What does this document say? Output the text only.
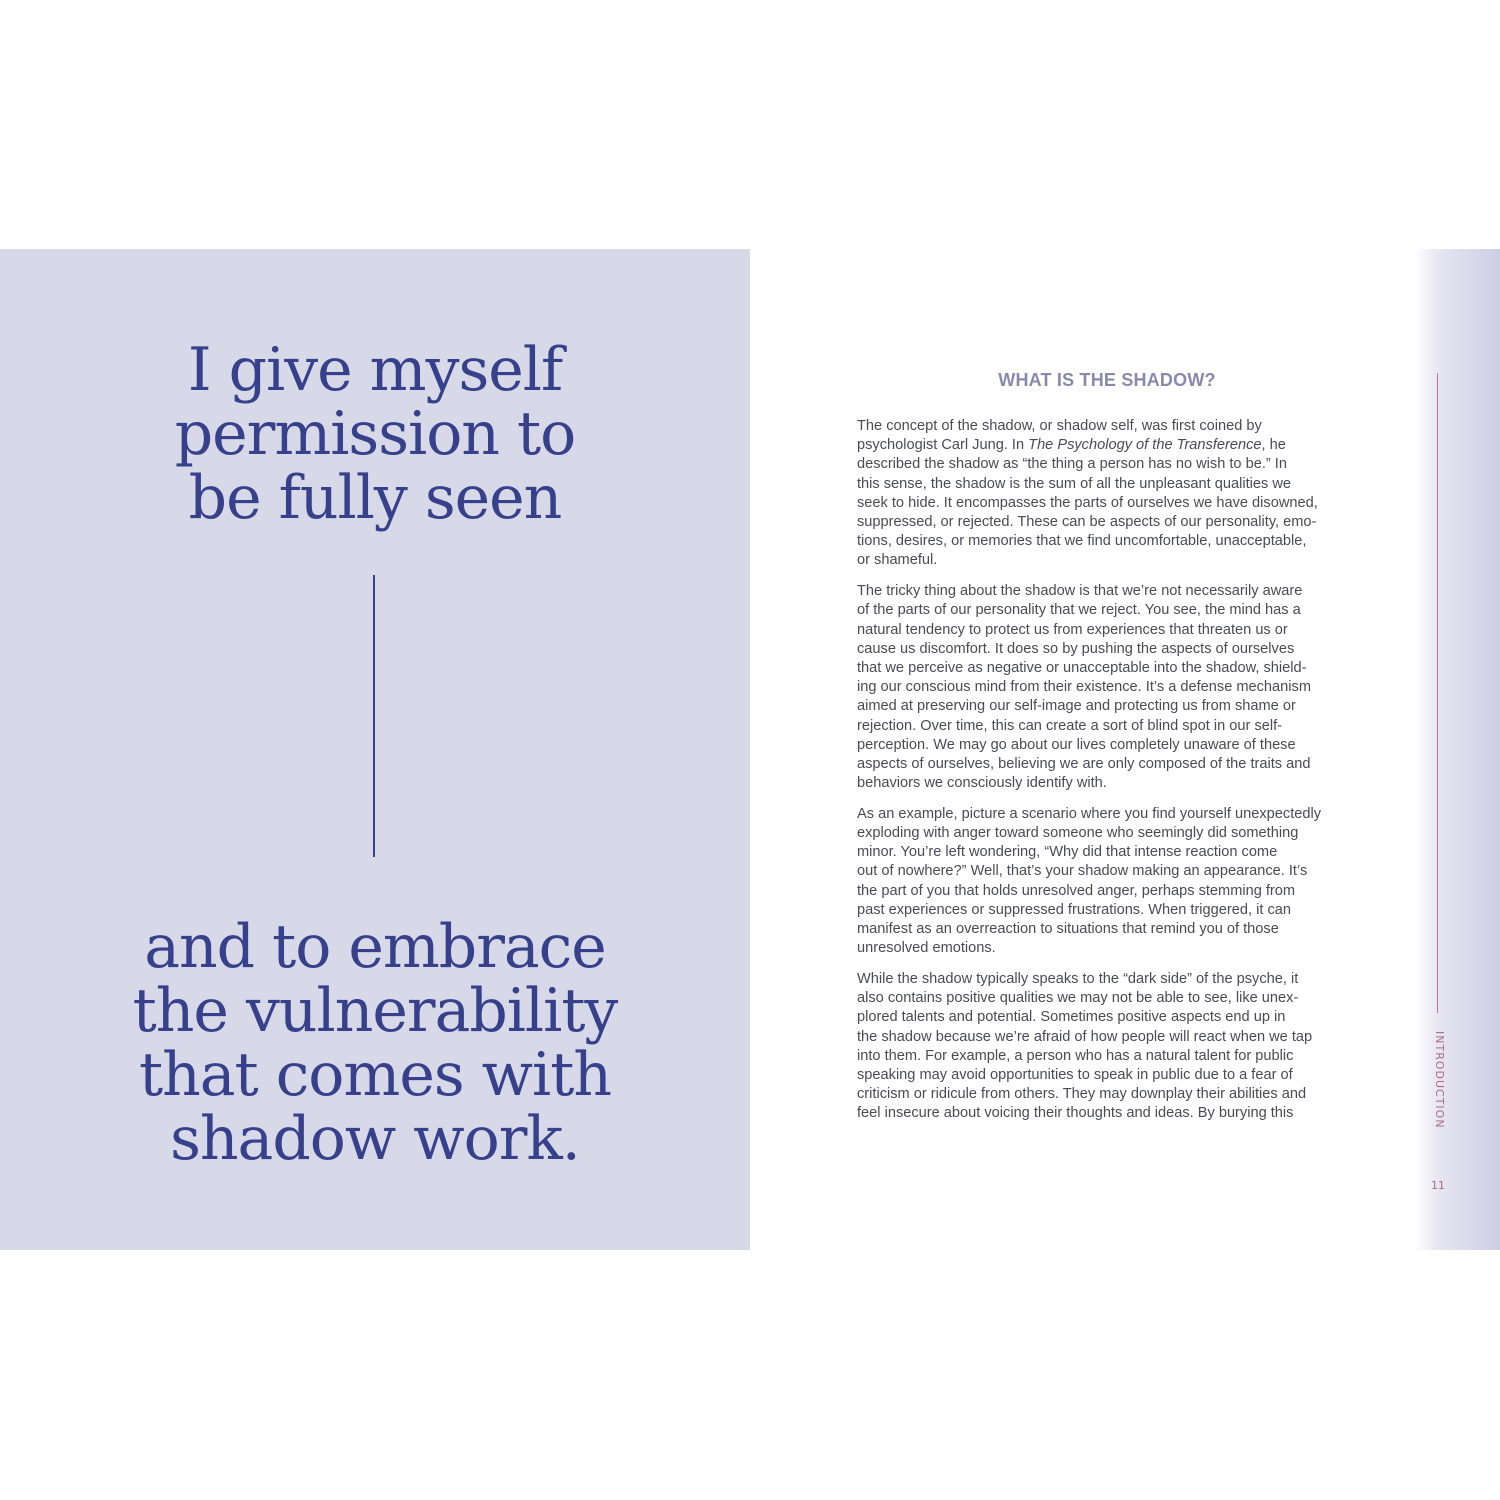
I give myself
permission to
be fully seen
and to embrace
the vulnerability
that comes with
shadow work.
INTRODUCTION
11
WHAT IS THE SHADOW?

The concept of the shadow, or shadow self, was first coined by
psychologist Carl Jung. In The Psychology of the Transference, he
described the shadow as “the thing a person has no wish to be.” In
this sense, the shadow is the sum of all the unpleasant qualities we
seek to hide. It encompasses the parts of ourselves we have disowned,
suppressed, or rejected. These can be aspects of our personality, emo-
tions, desires, or memories that we find uncomfortable, unacceptable,
or shameful.

The tricky thing about the shadow is that we’re not necessarily aware
of the parts of our personality that we reject. You see, the mind has a
natural tendency to protect us from experiences that threaten us or
cause us discomfort. It does so by pushing the aspects of ourselves
that we perceive as negative or unacceptable into the shadow, shield-
ing our conscious mind from their existence. It’s a defense mechanism
aimed at preserving our self-image and protecting us from shame or
rejection. Over time, this can create a sort of blind spot in our self-
perception. We may go about our lives completely unaware of these
aspects of ourselves, believing we are only composed of the traits and
behaviors we consciously identify with.

As an example, picture a scenario where you find yourself unexpectedly
exploding with anger toward someone who seemingly did something
minor. You’re left wondering, “Why did that intense reaction come
out of nowhere?” Well, that’s your shadow making an appearance. It’s
the part of you that holds unresolved anger, perhaps stemming from
past experiences or suppressed frustrations. When triggered, it can
manifest as an overreaction to situations that remind you of those
unresolved emotions.

While the shadow typically speaks to the “dark side” of the psyche, it
also contains positive qualities we may not be able to see, like unex-
plored talents and potential. Sometimes positive aspects end up in
the shadow because we’re afraid of how people will react when we tap
into them. For example, a person who has a natural talent for public
speaking may avoid opportunities to speak in public due to a fear of
criticism or ridicule from others. They may downplay their abilities and
feel insecure about voicing their thoughts and ideas. By burying this
